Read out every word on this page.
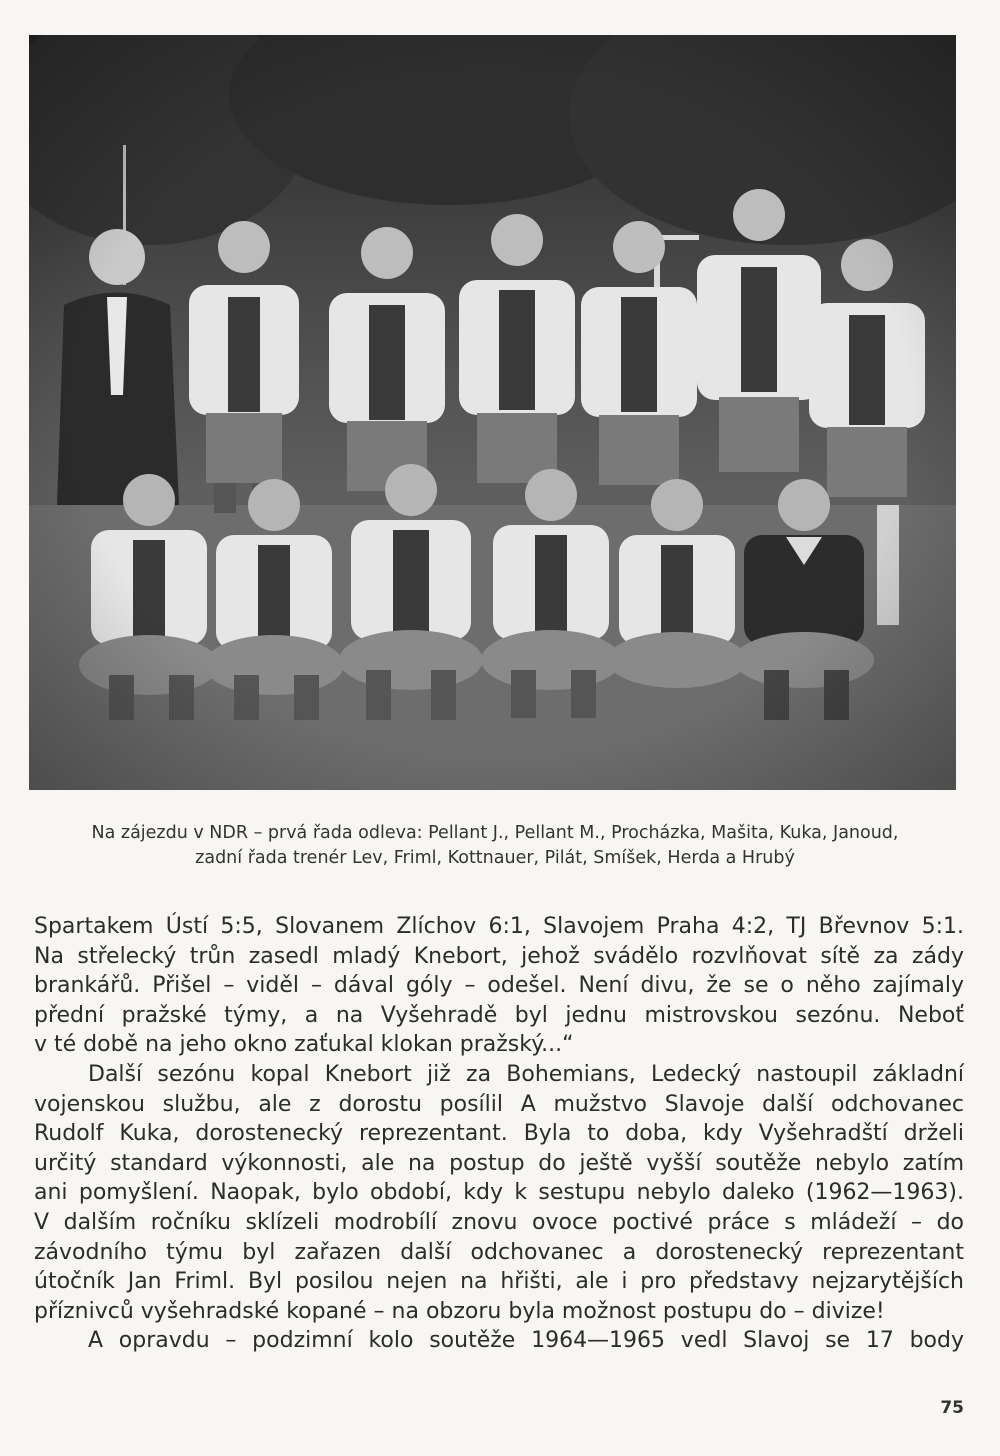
Na zájezdu v NDR – prvá řada odleva: Pellant J., Pellant M., Procházka, Mašita, Kuka, Janoud,
zadní řada trenér Lev, Friml, Kottnauer, Pilát, Smíšek, Herda a Hrubý

Spartakem Ústí 5:5, Slovanem Zlíchov 6:1, Slavojem Praha 4:2, TJ Břevnov 5:1.
Na střelecký trůn zasedl mladý Knebort, jehož svádělo rozvlňovat sítě za zády
brankářů. Přišel – viděl – dával góly – odešel. Není divu, že se o něho zajímaly
přední pražské týmy, a na Vyšehradě byl jednu mistrovskou sezónu. Neboť
v té době na jeho okno zaťukal klokan pražský...“

Další sezónu kopal Knebort již za Bohemians, Ledecký nastoupil základní
vojenskou službu, ale z dorostu posílil A mužstvo Slavoje další odchovanec
Rudolf Kuka, dorostenecký reprezentant. Byla to doba, kdy Vyšehradští drželi
určitý standard výkonnosti, ale na postup do ještě vyšší soutěže nebylo zatím
ani pomyšlení. Naopak, bylo období, kdy k sestupu nebylo daleko (1962—1963).
V dalším ročníku sklízeli modrobílí znovu ovoce poctivé práce s mládeží – do
závodního týmu byl zařazen další odchovanec a dorostenecký reprezentant
útočník Jan Friml. Byl posilou nejen na hřišti, ale i pro představy nejzarytějších
příznivců vyšehradské kopané – na obzoru byla možnost postupu do – divize!

A opravdu – podzimní kolo soutěže 1964—1965 vedl Slavoj se 17 body

75
